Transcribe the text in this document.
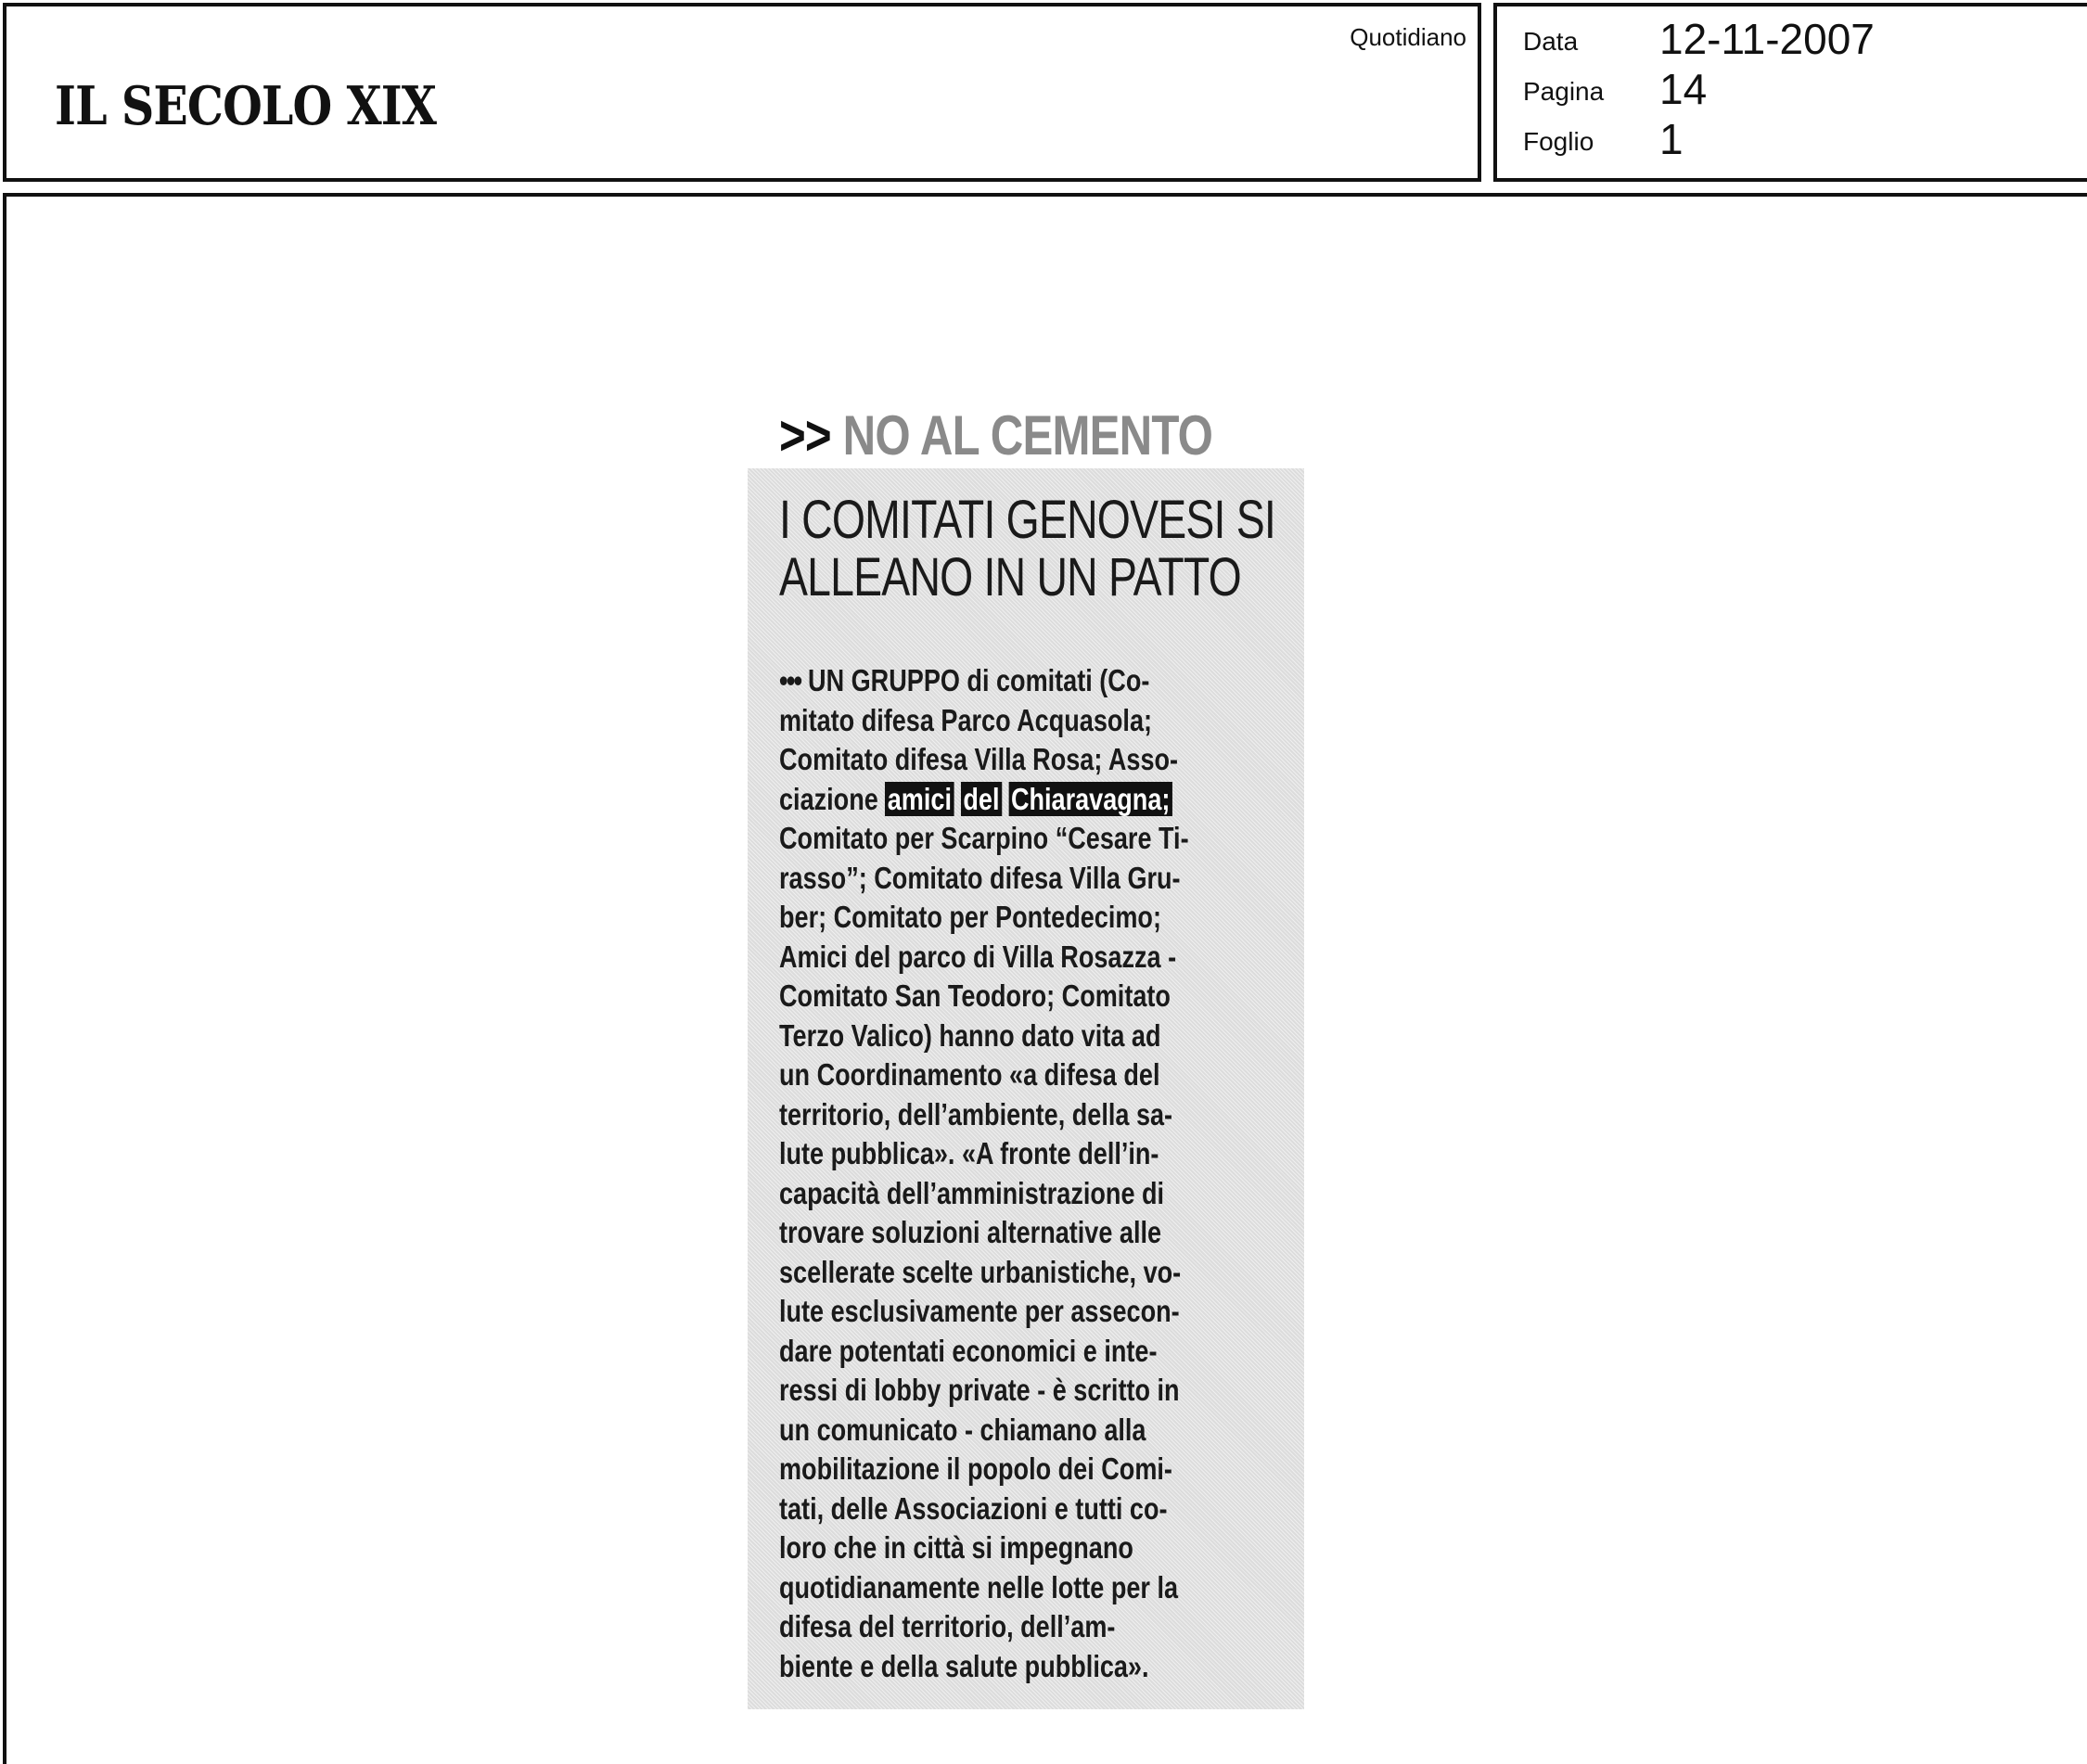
IL SECOLO XIX
Quotidiano Data 12-11-2007
Pagina 14
Foglio 1
>> NO AL CEMENTO
I COMITATI GENOVESI SI
ALLEANO IN UN PATTO
••• UN GRUPPO di comitati (Co-
mitato difesa Parco Acquasola;
Comitato difesa Villa Rosa; Asso-
ciazione amici del Chiaravagna;
Comitato per Scarpino “Cesare Ti-
rasso”; Comitato difesa Villa Gru-
ber; Comitato per Pontedecimo;
Amici del parco di Villa Rosazza -
Comitato San Teodoro; Comitato
Terzo Valico) hanno dato vita ad
un Coordinamento «a difesa del
territorio, dell’ambiente, della sa-
lute pubblica». «A fronte dell’in-
capacità dell’amministrazione di
trovare soluzioni alternative alle
scellerate scelte urbanistiche, vo-
lute esclusivamente per assecon-
dare potentati economici e inte-
ressi di lobby private - è scritto in
un comunicato - chiamano alla
mobilitazione il popolo dei Comi-
tati, delle Associazioni e tutti co-
loro che in città si impegnano
quotidianamente nelle lotte per la
difesa del territorio, dell’am-
biente e della salute pubblica».
